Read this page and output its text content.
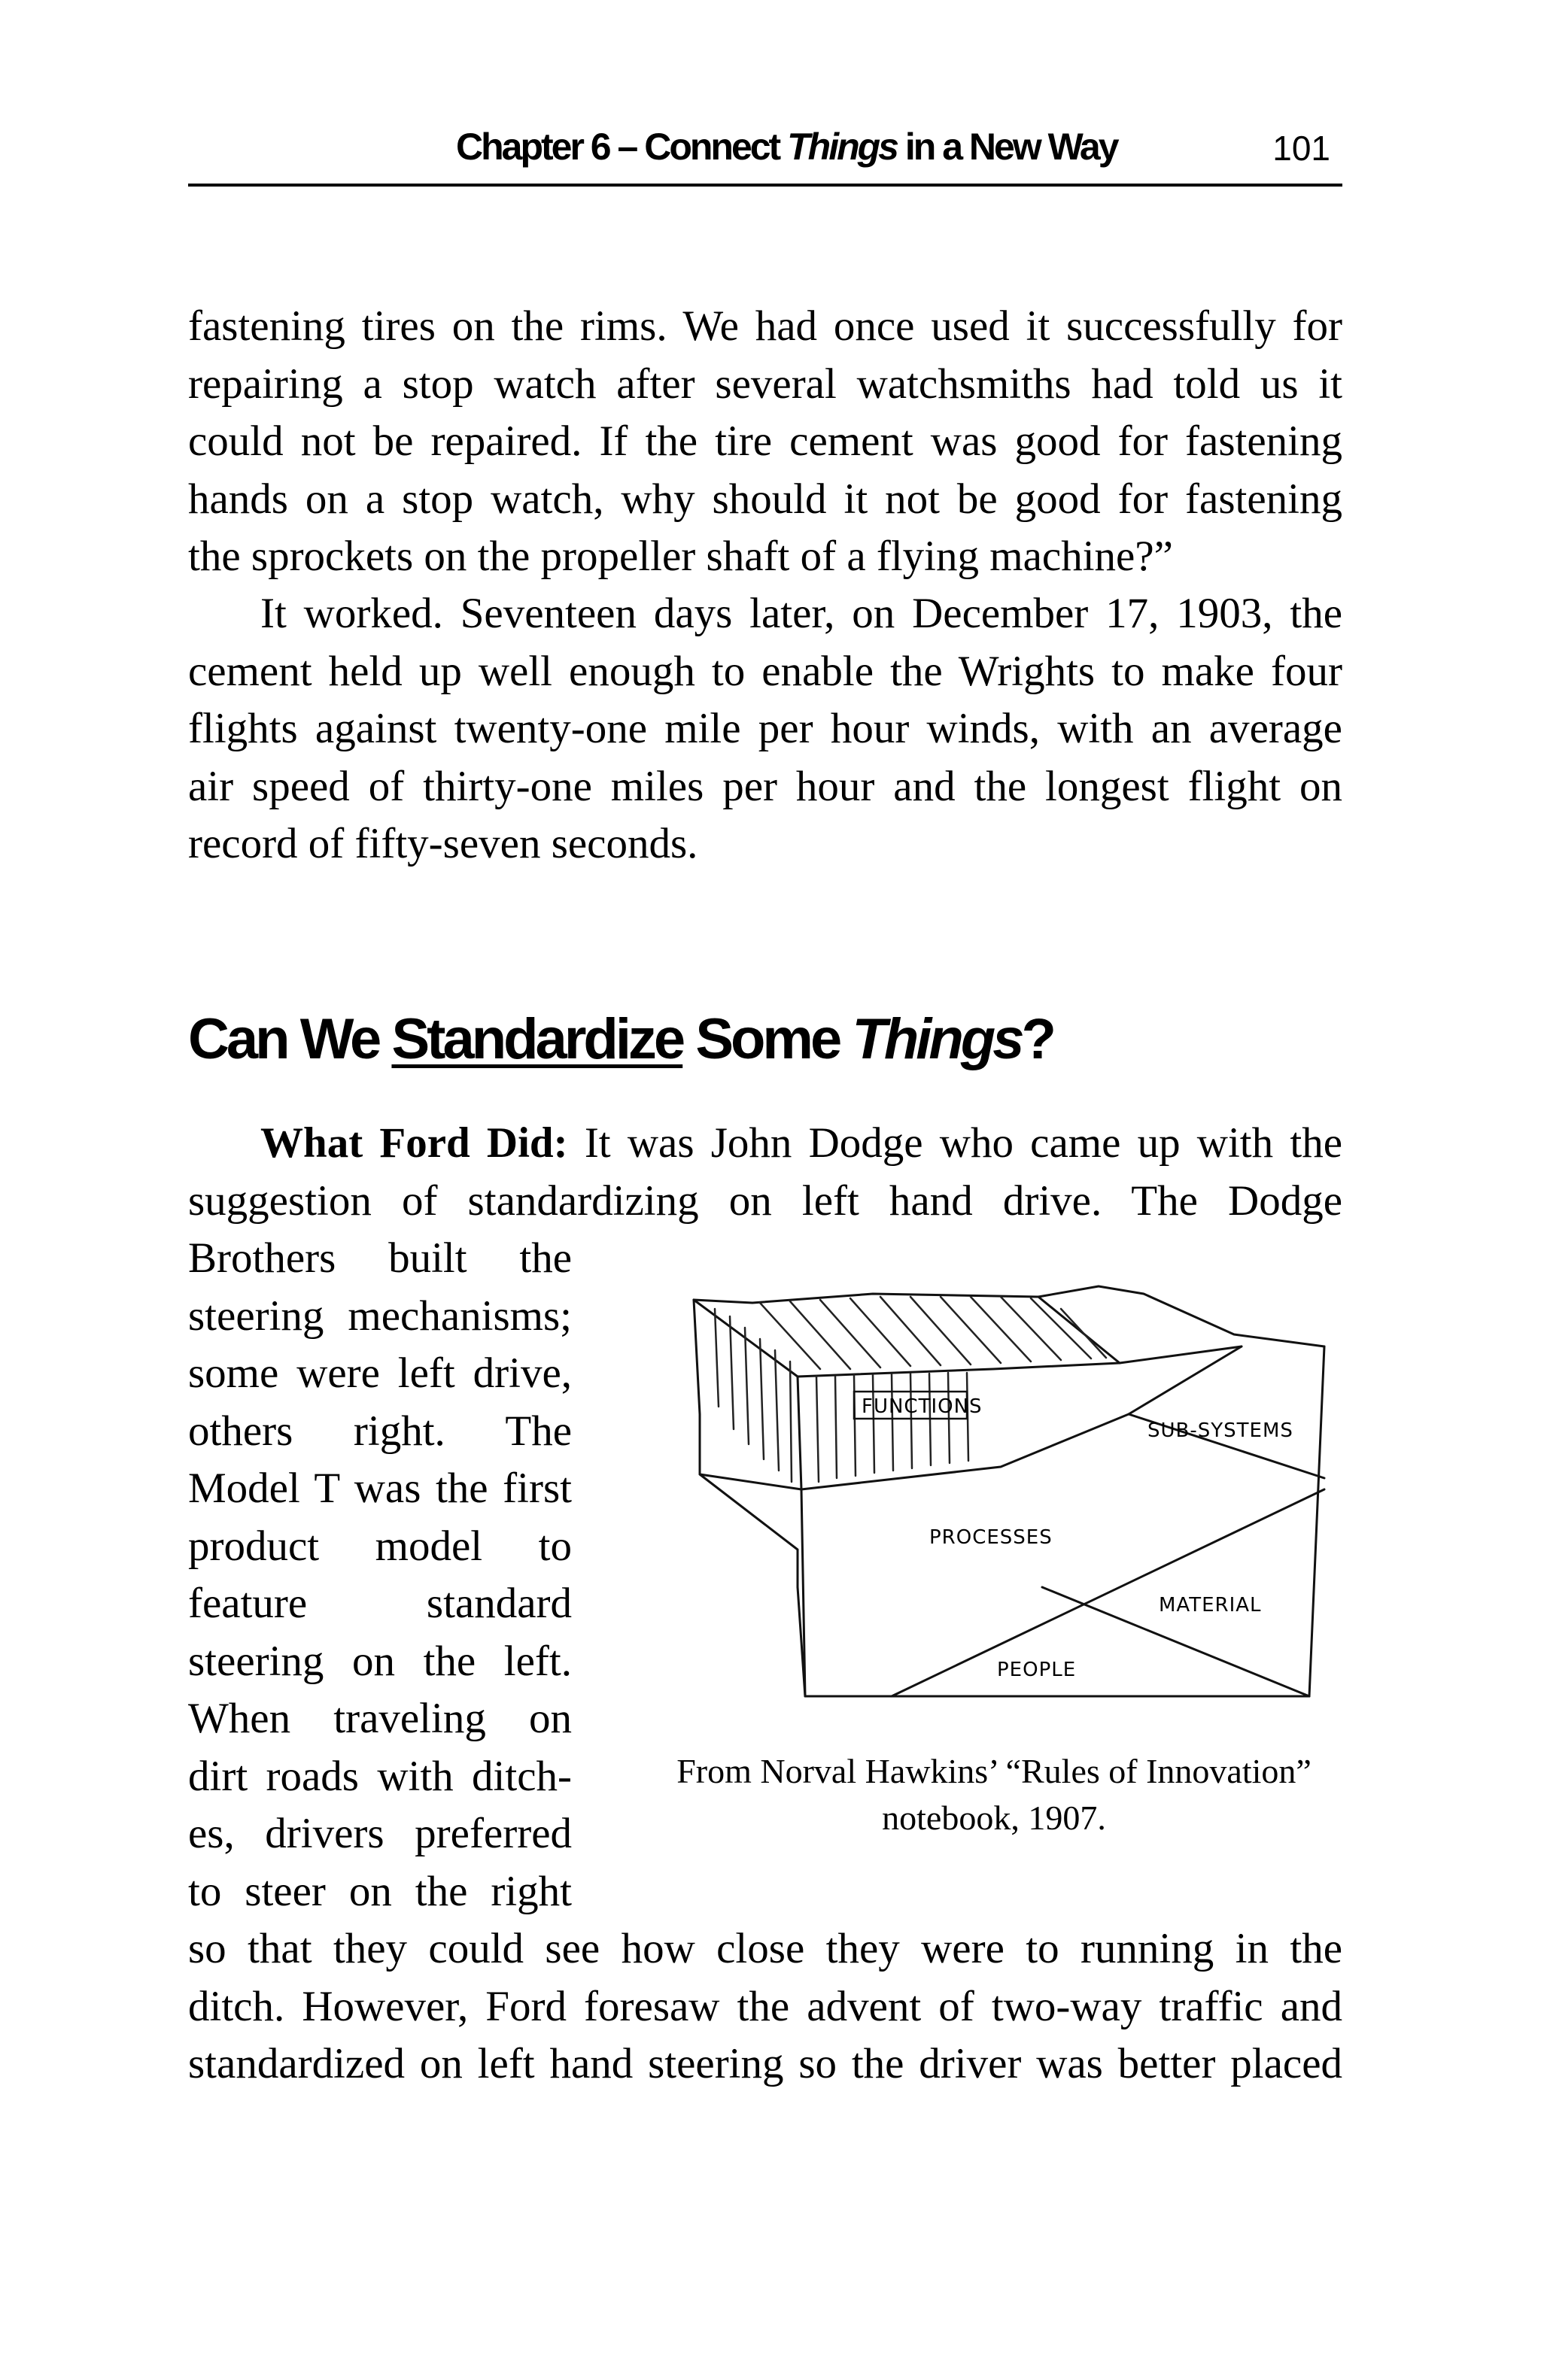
Chapter 6 – Connect Things in a New Way	101
fastening tires on the rims. We had once used it successfully for
repairing a stop watch after several watchsmiths had told us it
could not be repaired. If the tire cement was good for fastening
hands on a stop watch, why should it not be good for fastening
the sprockets on the propeller shaft of a flying machine?”
It worked. Seventeen days later, on December 17, 1903, the
cement held up well enough to enable the Wrights to make four
flights against twenty-one mile per hour winds, with an average
air speed of thirty-one miles per hour and the longest flight on
record of fifty-seven seconds.
Can We Standardize Some Things?
What Ford Did: It was John Dodge who came up with the
suggestion of standardizing on left hand drive. The Dodge
Brothers built the
steering mechanisms;
some were left drive,
others right. The
Model T was the first
product model to
feature standard
steering on the left.
When traveling on
dirt roads with ditch-
es, drivers preferred
to steer on the right
so that they could see how close they were to running in the
ditch. However, Ford foresaw the advent of two-way traffic and
standardized on left hand steering so the driver was better placed
FUNCTIONS
SUB-SYSTEMS
PROCESSES
MATERIAL
PEOPLE
From Norval Hawkins’ “Rules of Innovation”
notebook, 1907.
